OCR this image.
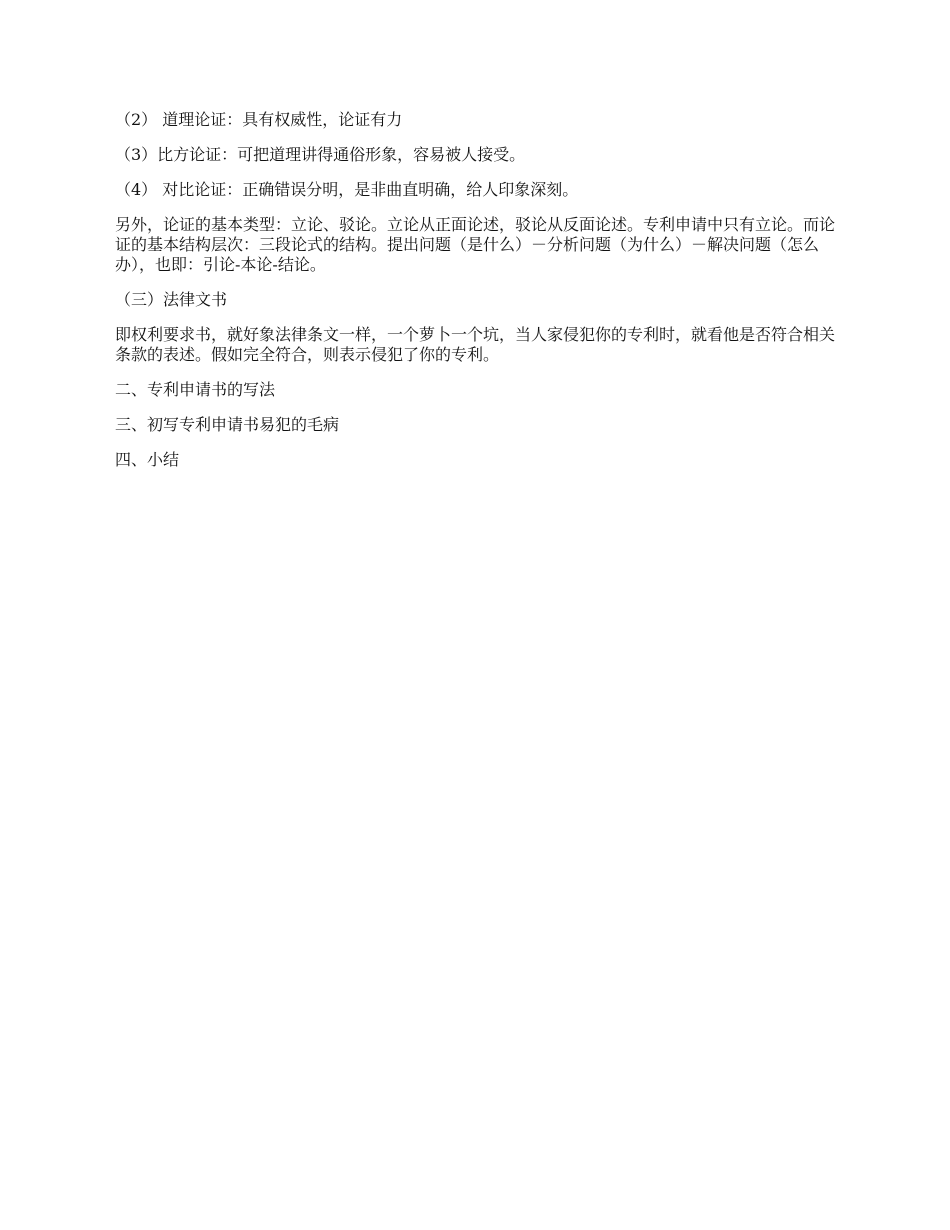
（2） 道理论证：具有权威性，论证有力

（3）比方论证：可把道理讲得通俗形象，容易被人接受。

（4） 对比论证：正确错误分明，是非曲直明确，给人印象深刻。

另外，论证的基本类型：立论、驳论。立论从正面论述，驳论从反面论述。专利申请中只有立论。而论证的基本结构层次：三段论式的结构。提出问题（是什么）－分析问题（为什么）－解决问题（怎么办），也即：引论-本论-结论。

（三）法律文书

即权利要求书，就好象法律条文一样，一个萝卜一个坑，当人家侵犯你的专利时，就看他是否符合相关条款的表述。假如完全符合，则表示侵犯了你的专利。

二、专利申请书的写法

三、初写专利申请书易犯的毛病

四、小结
